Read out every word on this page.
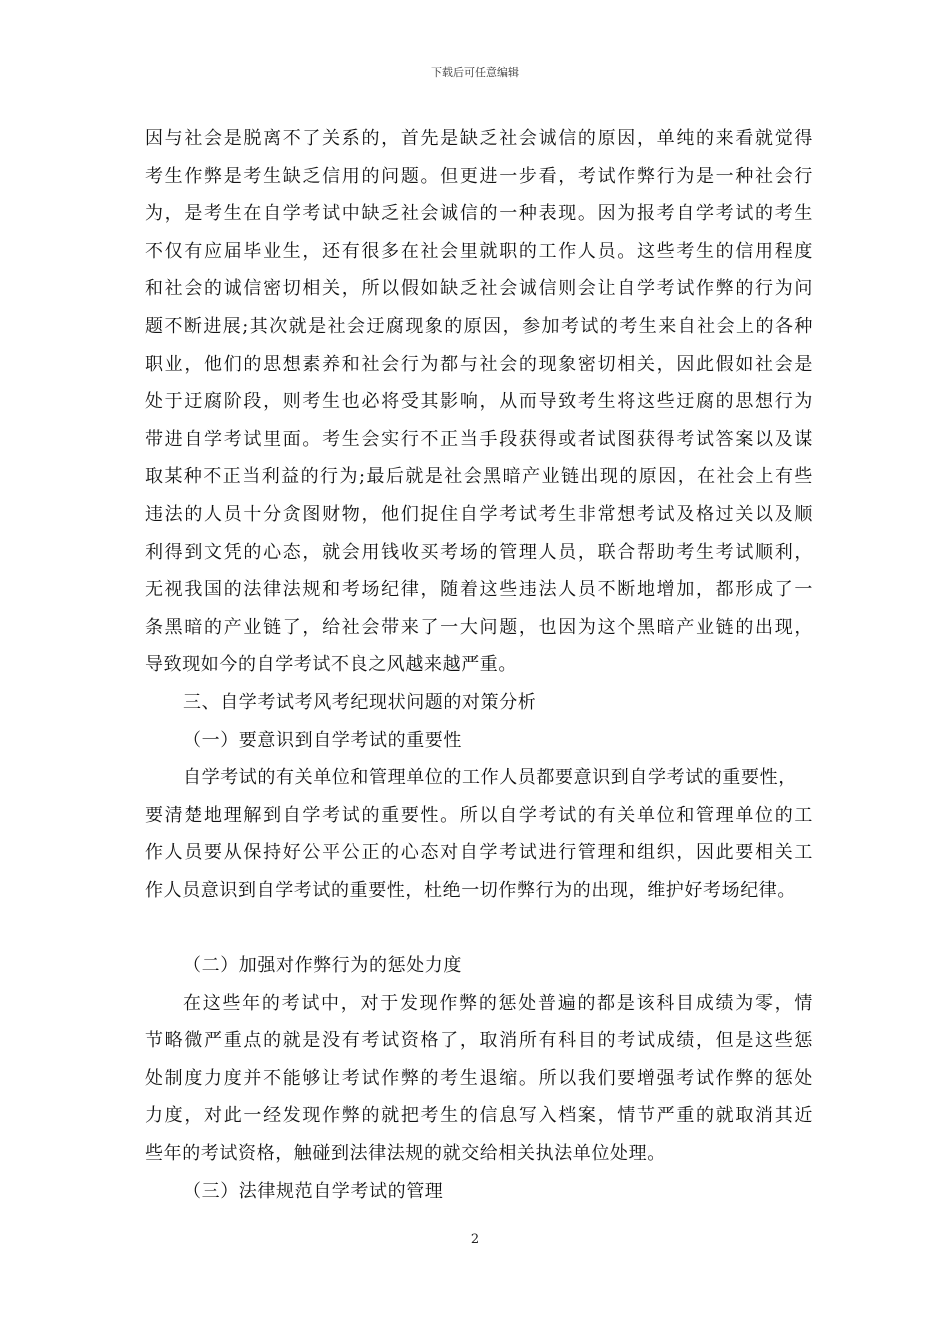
下载后可任意编辑
因与社会是脱离不了关系的，首先是缺乏社会诚信的原因，单纯的来看就觉得
考生作弊是考生缺乏信用的问题。但更进一步看，考试作弊行为是一种社会行
为，是考生在自学考试中缺乏社会诚信的一种表现。因为报考自学考试的考生
不仅有应届毕业生，还有很多在社会里就职的工作人员。这些考生的信用程度
和社会的诚信密切相关，所以假如缺乏社会诚信则会让自学考试作弊的行为问
题不断进展;其次就是社会迂腐现象的原因，参加考试的考生来自社会上的各种
职业，他们的思想素养和社会行为都与社会的现象密切相关，因此假如社会是
处于迂腐阶段，则考生也必将受其影响，从而导致考生将这些迂腐的思想行为
带进自学考试里面。考生会实行不正当手段获得或者试图获得考试答案以及谋
取某种不正当利益的行为;最后就是社会黑暗产业链出现的原因，在社会上有些
违法的人员十分贪图财物，他们捉住自学考试考生非常想考试及格过关以及顺
利得到文凭的心态，就会用钱收买考场的管理人员，联合帮助考生考试顺利，
无视我国的法律法规和考场纪律，随着这些违法人员不断地增加，都形成了一
条黑暗的产业链了，给社会带来了一大问题，也因为这个黑暗产业链的出现，
导致现如今的自学考试不良之风越来越严重。
三、自学考试考风考纪现状问题的对策分析
（一）要意识到自学考试的重要性
自学考试的有关单位和管理单位的工作人员都要意识到自学考试的重要性，
要清楚地理解到自学考试的重要性。所以自学考试的有关单位和管理单位的工
作人员要从保持好公平公正的心态对自学考试进行管理和组织，因此要相关工
作人员意识到自学考试的重要性，杜绝一切作弊行为的出现，维护好考场纪律。
（二）加强对作弊行为的惩处力度
在这些年的考试中，对于发现作弊的惩处普遍的都是该科目成绩为零，情
节略微严重点的就是没有考试资格了，取消所有科目的考试成绩，但是这些惩
处制度力度并不能够让考试作弊的考生退缩。所以我们要增强考试作弊的惩处
力度，对此一经发现作弊的就把考生的信息写入档案，情节严重的就取消其近
些年的考试资格，触碰到法律法规的就交给相关执法单位处理。
（三）法律规范自学考试的管理
2
